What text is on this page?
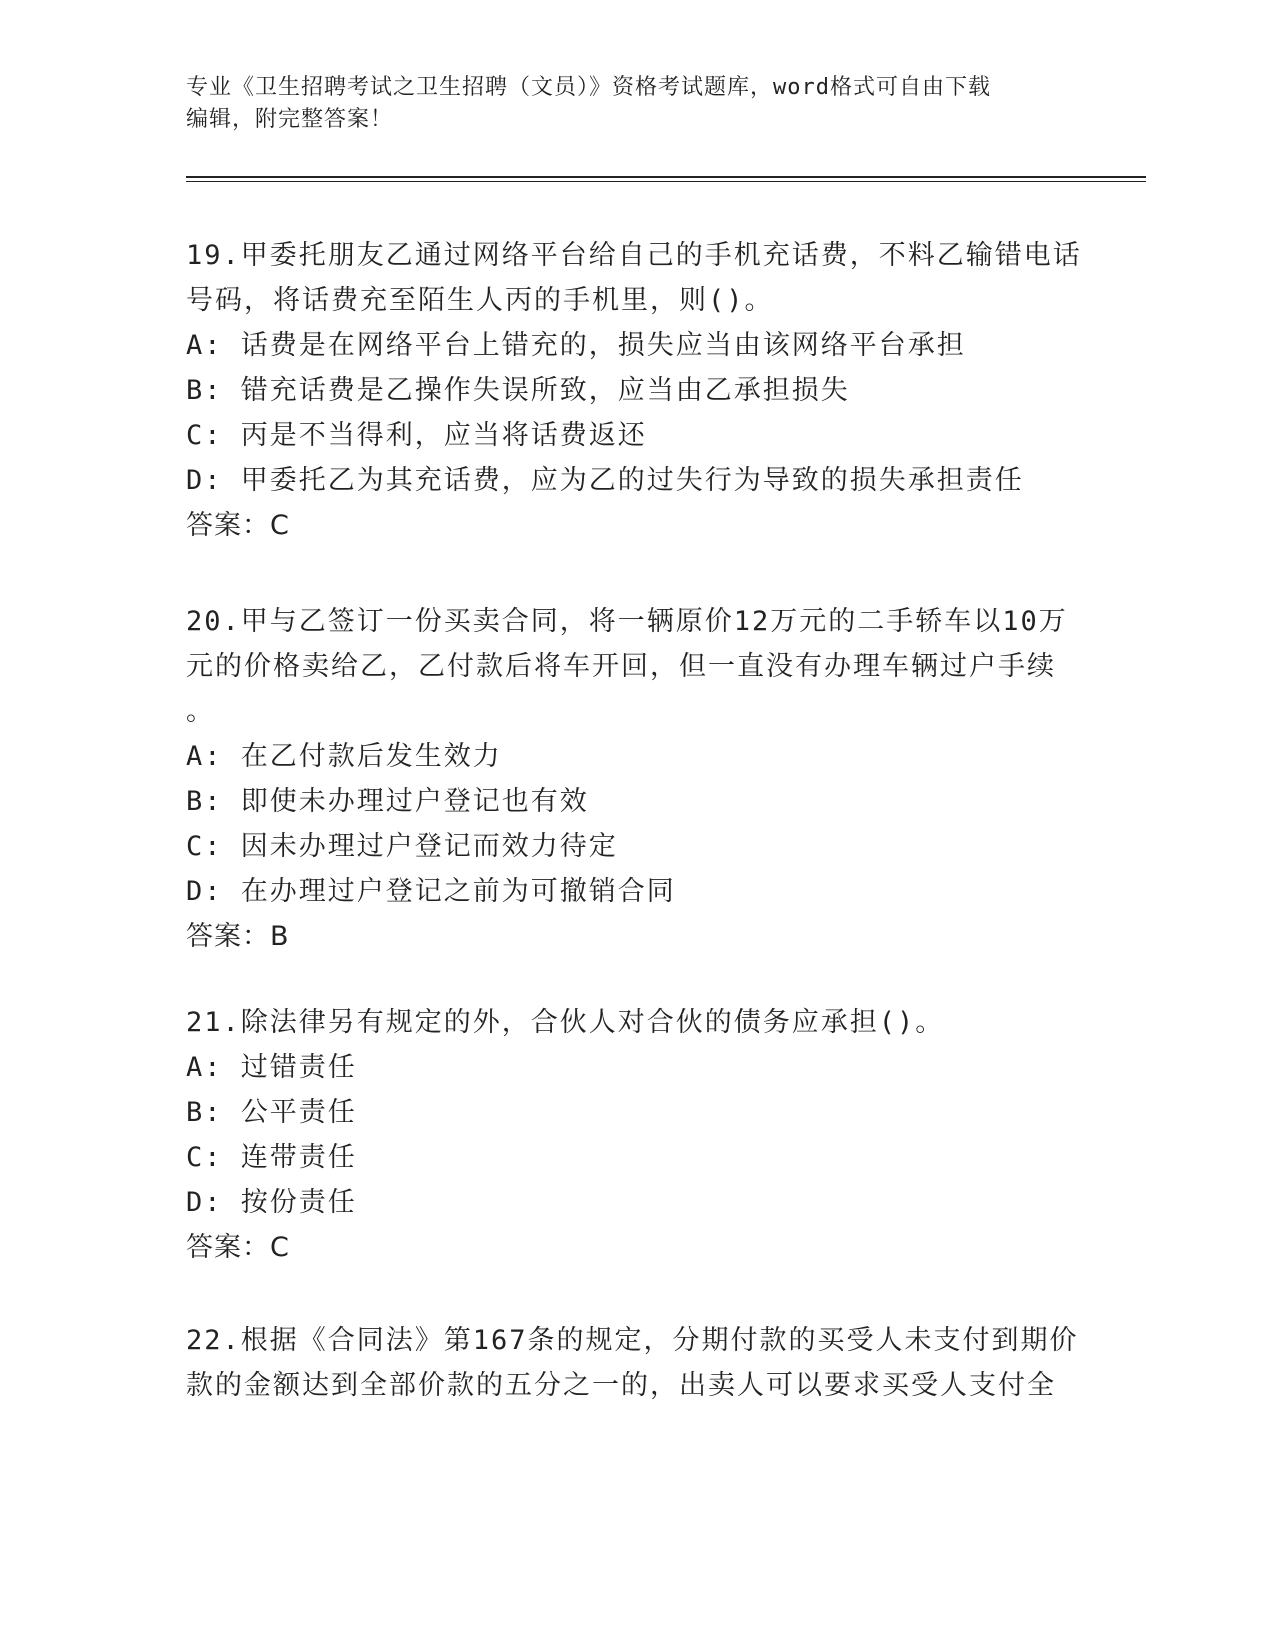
专业《卫生招聘考试之卫生招聘（文员）》资格考试题库，word格式可自由下载
编辑，附完整答案！
19.甲委托朋友乙通过网络平台给自己的手机充话费，不料乙输错电话
号码，将话费充至陌生人丙的手机里，则()。
A: 话费是在网络平台上错充的，损失应当由该网络平台承担
B: 错充话费是乙操作失误所致，应当由乙承担损失
C: 丙是不当得利，应当将话费返还
D: 甲委托乙为其充话费，应为乙的过失行为导致的损失承担责任
答案：C
20.甲与乙签订一份买卖合同，将一辆原价12万元的二手轿车以10万
元的价格卖给乙，乙付款后将车开回，但一直没有办理车辆过户手续
。
A: 在乙付款后发生效力
B: 即使未办理过户登记也有效
C: 因未办理过户登记而效力待定
D: 在办理过户登记之前为可撤销合同
答案：B
21.除法律另有规定的外，合伙人对合伙的债务应承担()。
A: 过错责任
B: 公平责任
C: 连带责任
D: 按份责任
答案：C
22.根据《合同法》第167条的规定，分期付款的买受人未支付到期价
款的金额达到全部价款的五分之一的，出卖人可以要求买受人支付全
